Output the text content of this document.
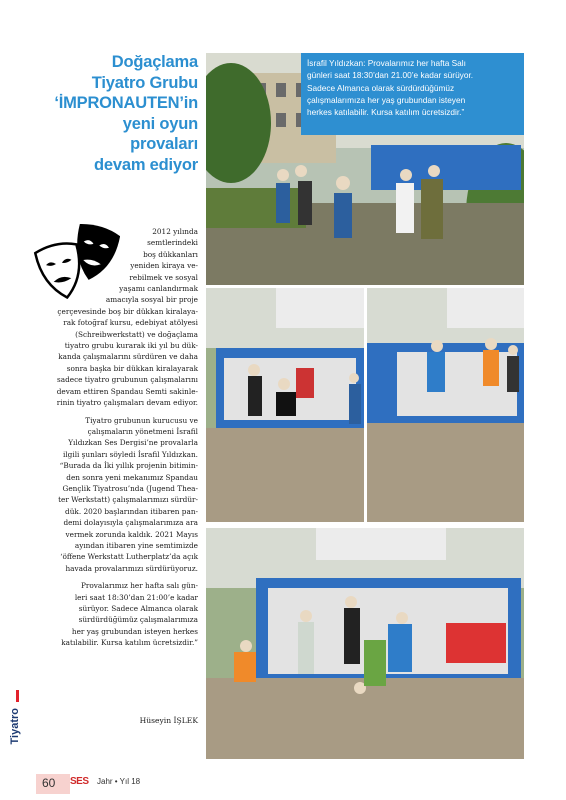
Doğaçlama
Tiyatro Grubu
‘İMPRONAUTEN’in
yeni oyun
provaları
devam ediyor

2012 yılında
semtlerindeki
boş dükkanları
yeniden kiraya ve-
rebilmek ve sosyal
yaşamı canlandırmak
amacıyla sosyal bir proje
çerçevesinde boş bir dükkan kiralaya-
rak fotoğraf kursu, edebiyat atölyesi
(Schreibwerkstatt) ve doğaçlama
tiyatro grubu kurarak iki yıl bu dük-
kanda çalışmalarını sürdüren ve daha
sonra başka bir dükkan kiralayarak
sadece tiyatro grubunun çalışmalarını
devam ettiren Spandau Semti sakinle-
rinin tiyatro çalışmaları devam ediyor.

Tiyatro grubunun kurucusu ve
çalışmaların yönetmeni İsrafil
Yıldızkan Ses Dergisi’ne provalarla
ilgili şunları söyledi İsrafil Yıldızkan.
“Burada da İki yıllık projenin bitimin-
den sonra yeni mekanımız Spandau
Gençlik Tiyatrosu’nda (Jugend Thea-
ter Werkstatt) çalışmalarımızı sürdür-
dük. 2020 başlarından itibaren pan-
demi dolayısıyla çalışmalarımıza ara
vermek zorunda kaldık. 2021 Mayıs
ayından itibaren yine semtimizde
‘öffene Werkstatt Lutherplatz’da açık
havada provalarımızı sürdürüyoruz.

Provalarımız her hafta salı gün-
leri saat 18:30’dan 21:00’e kadar
sürüyor. Sadece Almanca olarak
sürdürdüğümüz çalışmalarımıza
her yaş grubundan isteyen herkes
katılabilir. Kursa katılım ücretsizdir.”

Hüseyin İŞLEK
Tiyatro
İsrafil Yıldızkan: Provalarımız her hafta Salı
günleri saat 18:30’dan 21.00’e kadar sürüyor.
Sadece Almanca olarak sürdürdüğümüz
çalışmalarımıza her yaş grubundan isteyen
herkes katılabilir. Kursa katılım ücretsizdir.”
60 SES Jahr • Yıl 18
